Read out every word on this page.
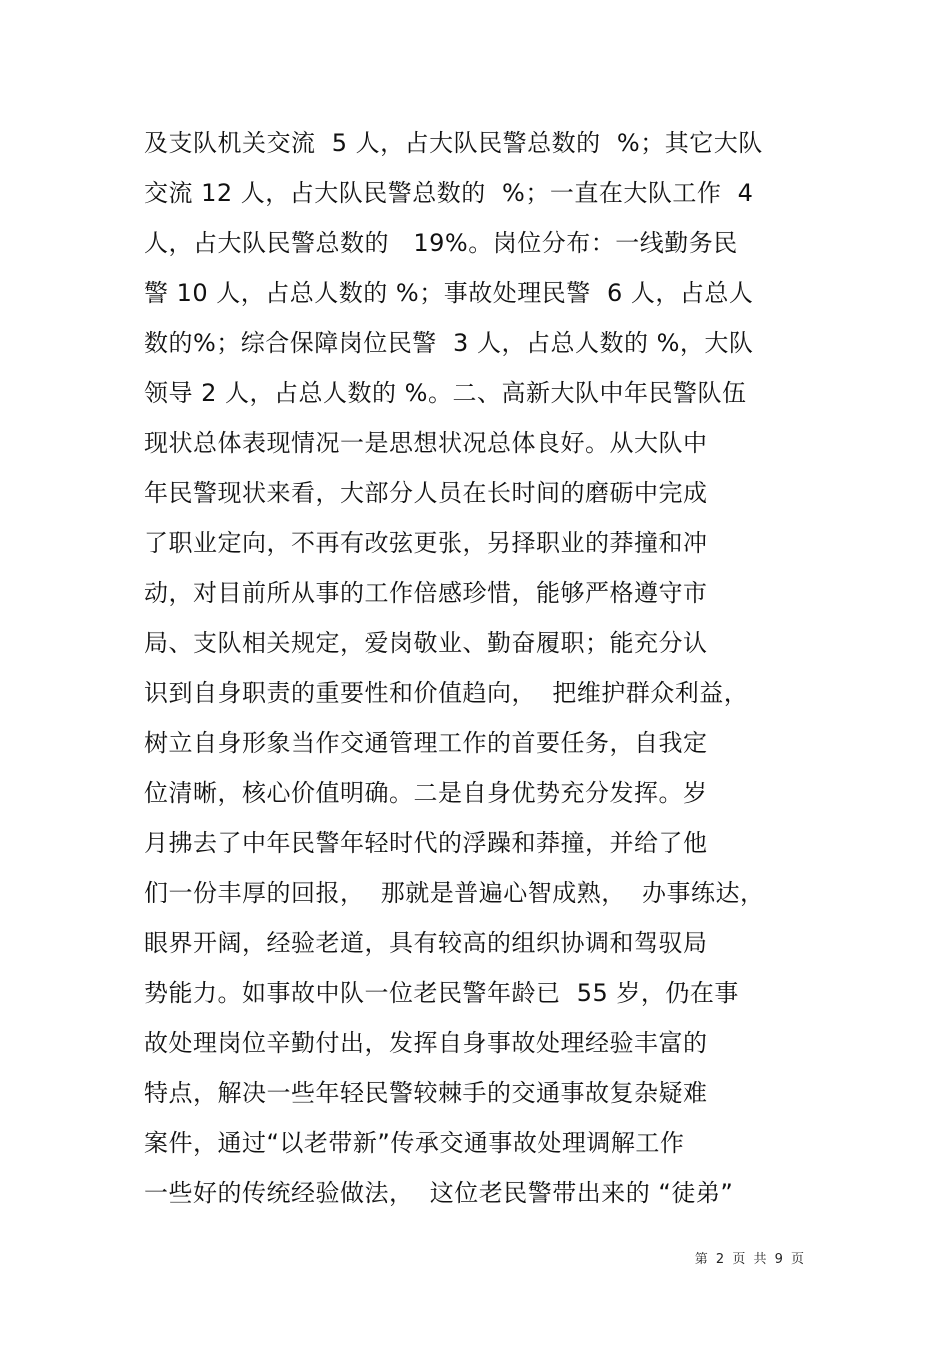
及支队机关交流  5 人，占大队民警总数的  %；其它大队
交流 12 人，占大队民警总数的  %；一直在大队工作  4
人，占大队民警总数的   19%。岗位分布：一线勤务民
警 10 人，占总人数的 %；事故处理民警  6 人，占总人
数的%；综合保障岗位民警  3 人，占总人数的 %，大队
领导 2 人，占总人数的 %。二、高新大队中年民警队伍
现状总体表现情况一是思想状况总体良好。从大队中
年民警现状来看，大部分人员在长时间的磨砺中完成
了职业定向，不再有改弦更张，另择职业的莽撞和冲
动，对目前所从事的工作倍感珍惜，能够严格遵守市
局、支队相关规定，爱岗敬业、勤奋履职；能充分认
识到自身职责的重要性和价值趋向，  把维护群众利益，
树立自身形象当作交通管理工作的首要任务，自我定
位清晰，核心价值明确。二是自身优势充分发挥。岁
月拂去了中年民警年轻时代的浮躁和莽撞，并给了他
们一份丰厚的回报，  那就是普遍心智成熟，  办事练达，
眼界开阔，经验老道，具有较高的组织协调和驾驭局
势能力。如事故中队一位老民警年龄已  55 岁，仍在事
故处理岗位辛勤付出，发挥自身事故处理经验丰富的
特点，解决一些年轻民警较棘手的交通事故复杂疑难
案件，通过“以老带新”传承交通事故处理调解工作
一些好的传统经验做法，  这位老民警带出来的 “徒弟”
第 2 页 共 9 页
